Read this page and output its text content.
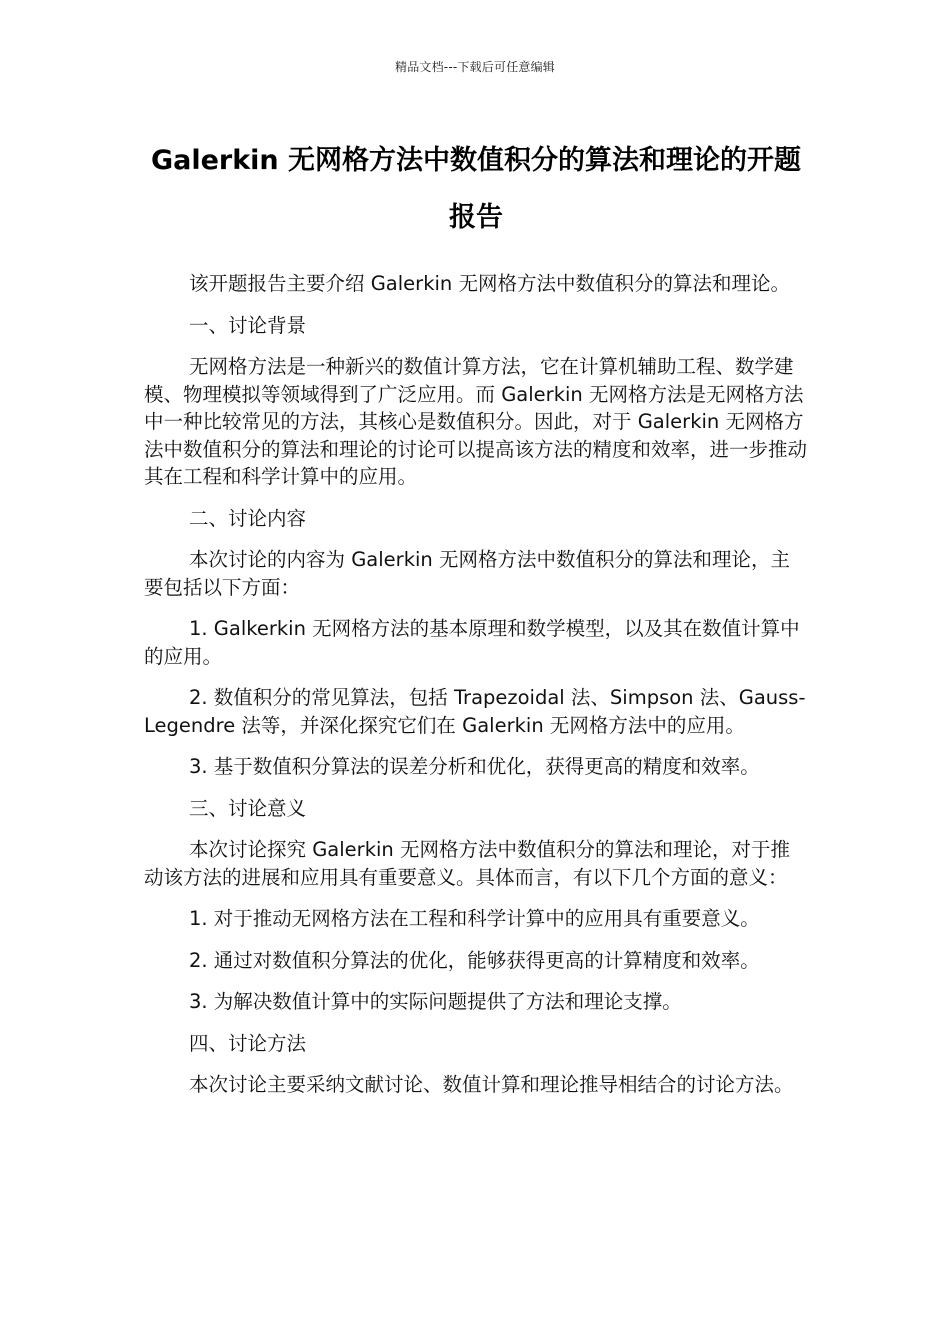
精品文档---下载后可任意编辑
Galerkin 无网格方法中数值积分的算法和理论的开题报告

该开题报告主要介绍 Galerkin 无网格方法中数值积分的算法和理论。

一、讨论背景

无网格方法是一种新兴的数值计算方法，它在计算机辅助工程、数学建模、物理模拟等领域得到了广泛应用。而 Galerkin 无网格方法是无网格方法中一种比较常见的方法，其核心是数值积分。因此，对于 Galerkin 无网格方法中数值积分的算法和理论的讨论可以提高该方法的精度和效率，进一步推动其在工程和科学计算中的应用。

二、讨论内容

本次讨论的内容为 Galerkin 无网格方法中数值积分的算法和理论，主要包括以下方面：

1. Galkerkin 无网格方法的基本原理和数学模型，以及其在数值计算中的应用。

2. 数值积分的常见算法，包括 Trapezoidal 法、Simpson 法、Gauss-Legendre 法等，并深化探究它们在 Galerkin 无网格方法中的应用。

3. 基于数值积分算法的误差分析和优化，获得更高的精度和效率。

三、讨论意义

本次讨论探究 Galerkin 无网格方法中数值积分的算法和理论，对于推动该方法的进展和应用具有重要意义。具体而言，有以下几个方面的意义：

1. 对于推动无网格方法在工程和科学计算中的应用具有重要意义。

2. 通过对数值积分算法的优化，能够获得更高的计算精度和效率。

3. 为解决数值计算中的实际问题提供了方法和理论支撑。

四、讨论方法

本次讨论主要采纳文献讨论、数值计算和理论推导相结合的讨论方法。
